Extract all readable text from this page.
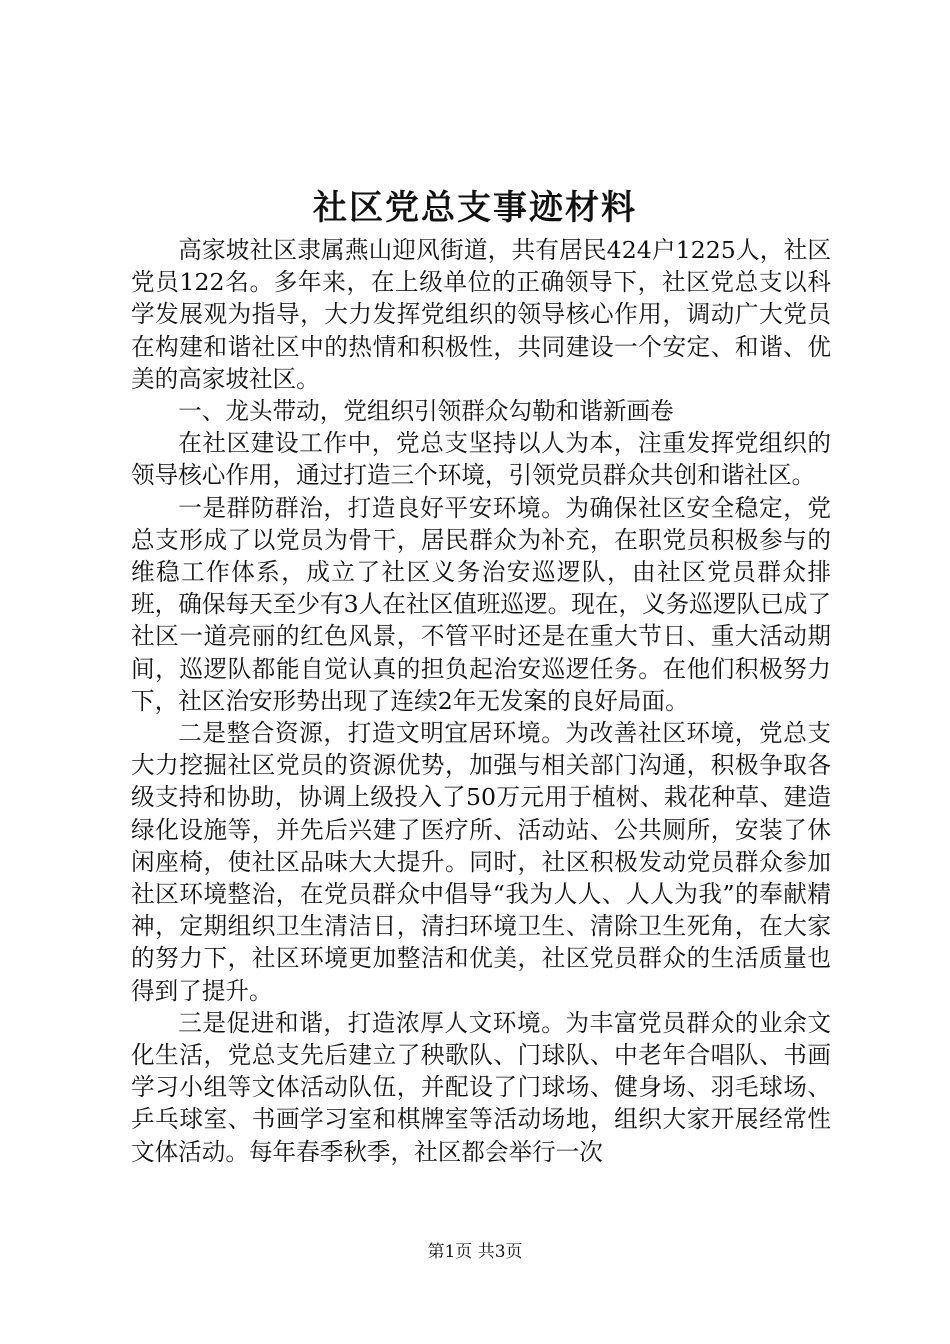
社区党总支事迹材料

高家坡社区隶属燕山迎风街道，共有居民424户1225人，社区党员122名。多年来，在上级单位的正确领导下，社区党总支以科学发展观为指导，大力发挥党组织的领导核心作用，调动广大党员在构建和谐社区中的热情和积极性，共同建设一个安定、和谐、优美的高家坡社区。

一、龙头带动，党组织引领群众勾勒和谐新画卷

在社区建设工作中，党总支坚持以人为本，注重发挥党组织的领导核心作用，通过打造三个环境，引领党员群众共创和谐社区。

一是群防群治，打造良好平安环境。为确保社区安全稳定，党总支形成了以党员为骨干，居民群众为补充，在职党员积极参与的维稳工作体系，成立了社区义务治安巡逻队，由社区党员群众排班，确保每天至少有3人在社区值班巡逻。现在，义务巡逻队已成了社区一道亮丽的红色风景，不管平时还是在重大节日、重大活动期间，巡逻队都能自觉认真的担负起治安巡逻任务。在他们积极努力下，社区治安形势出现了连续2年无发案的良好局面。

二是整合资源，打造文明宜居环境。为改善社区环境，党总支大力挖掘社区党员的资源优势，加强与相关部门沟通，积极争取各级支持和协助，协调上级投入了50万元用于植树、栽花种草、建造绿化设施等，并先后兴建了医疗所、活动站、公共厕所，安装了休闲座椅，使社区品味大大提升。同时，社区积极发动党员群众参加社区环境整治，在党员群众中倡导“我为人人、人人为我”的奉献精神，定期组织卫生清洁日，清扫环境卫生、清除卫生死角，在大家的努力下，社区环境更加整洁和优美，社区党员群众的生活质量也得到了提升。

三是促进和谐，打造浓厚人文环境。为丰富党员群众的业余文化生活，党总支先后建立了秧歌队、门球队、中老年合唱队、书画学习小组等文体活动队伍，并配设了门球场、健身场、羽毛球场、乒乓球室、书画学习室和棋牌室等活动场地，组织大家开展经常性文体活动。每年春季秋季，社区都会举行一次

第1页 共3页
